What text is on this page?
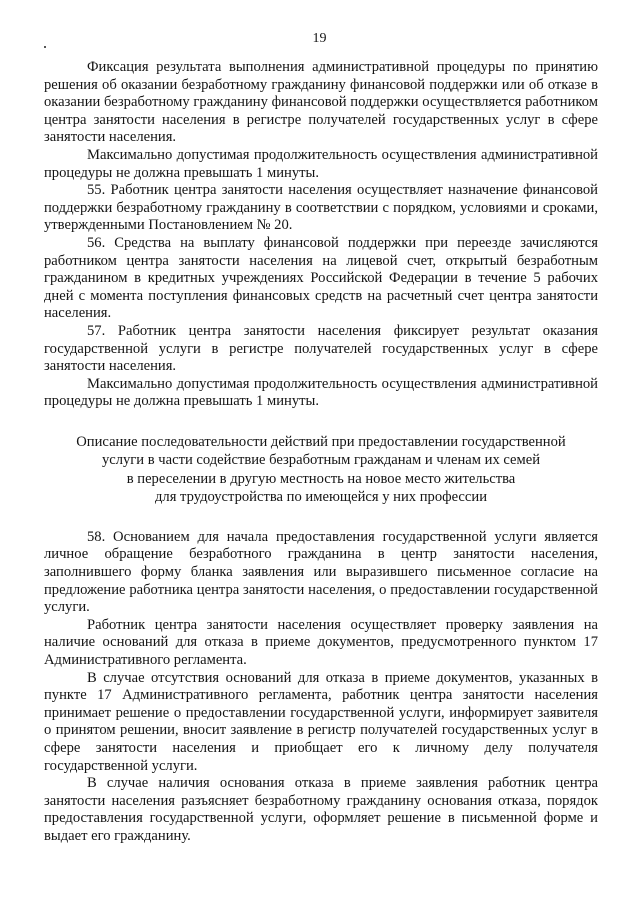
19

Фиксация результата выполнения административной процедуры по принятию решения об оказании безработному гражданину финансовой поддержки или об отказе в оказании безработному гражданину финансовой поддержки осуществляется работником центра занятости населения в регистре получателей государственных услуг в сфере занятости населения.

Максимально допустимая продолжительность осуществления административной процедуры не должна превышать 1 минуты.

55. Работник центра занятости населения осуществляет назначение финансовой поддержки безработному гражданину в соответствии с порядком, условиями и сроками, утвержденными Постановлением № 20.

56. Средства на выплату финансовой поддержки при переезде зачисляются работником центра занятости населения на лицевой счет, открытый безработным гражданином в кредитных учреждениях Российской Федерации в течение 5 рабочих дней с момента поступления финансовых средств на расчетный счет центра занятости населения.

57. Работник центра занятости населения фиксирует результат оказания государственной услуги в регистре получателей государственных услуг в сфере занятости населения.

Максимально допустимая продолжительность осуществления административной процедуры не должна превышать 1 минуты.

Описание последовательности действий при предоставлении государственной
услуги в части содействие безработным гражданам и членам их семей
в переселении в другую местность на новое место жительства
для трудоустройства по имеющейся у них профессии

58. Основанием для начала предоставления государственной услуги является личное обращение безработного гражданина в центр занятости населения, заполнившего форму бланка заявления или выразившего письменное согласие на предложение работника центра занятости населения, о предоставлении государственной услуги.

Работник центра занятости населения осуществляет проверку заявления на наличие оснований для отказа в приеме документов, предусмотренного пунктом 17 Административного регламента.

В случае отсутствия оснований для отказа в приеме документов, указанных в пункте 17 Административного регламента, работник центра занятости населения принимает решение о предоставлении государственной услуги, информирует заявителя о принятом решении, вносит заявление в регистр получателей государственных услуг в сфере занятости населения и приобщает его к личному делу получателя государственной услуги.

В случае наличия основания отказа в приеме заявления работник центра занятости населения разъясняет безработному гражданину основания отказа, порядок предоставления государственной услуги, оформляет решение в письменной форме и выдает его гражданину.
